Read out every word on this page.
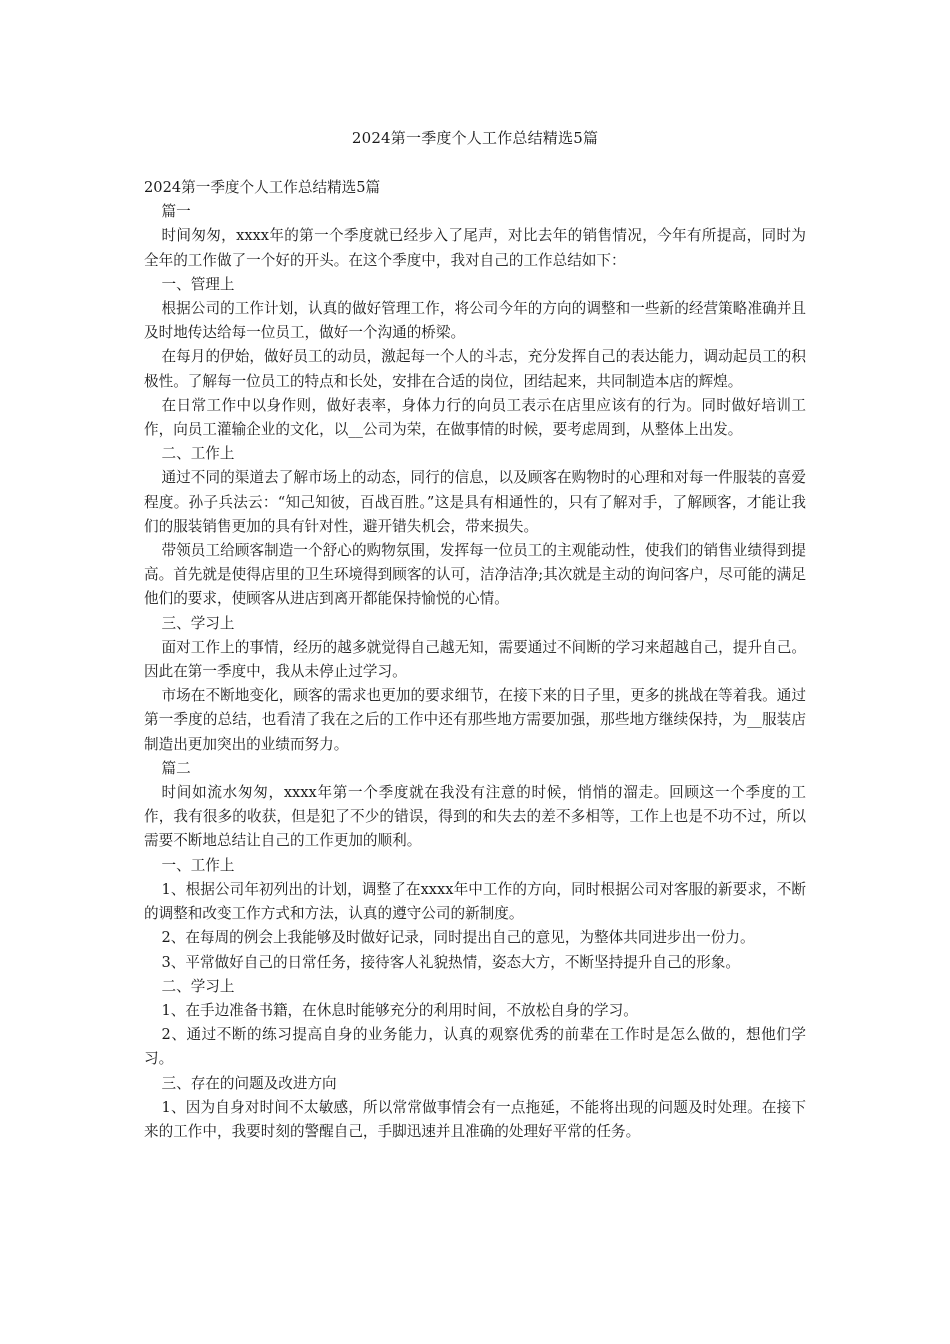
2024第一季度个人工作总结精选5篇

2024第一季度个人工作总结精选5篇

篇一

时间匆匆，xxxx年的第一个季度就已经步入了尾声，对比去年的销售情况，今年有所提高，同时为全年的工作做了一个好的开头。在这个季度中，我对自己的工作总结如下：

一、管理上

根据公司的工作计划，认真的做好管理工作，将公司今年的方向的调整和一些新的经营策略准确并且及时地传达给每一位员工，做好一个沟通的桥梁。

在每月的伊始，做好员工的动员，激起每一个人的斗志，充分发挥自己的表达能力，调动起员工的积极性。了解每一位员工的特点和长处，安排在合适的岗位，团结起来，共同制造本店的辉煌。

在日常工作中以身作则，做好表率，身体力行的向员工表示在店里应该有的行为。同时做好培训工作，向员工灌输企业的文化，以__公司为荣，在做事情的时候，要考虑周到，从整体上出发。

二、工作上

通过不同的渠道去了解市场上的动态，同行的信息，以及顾客在购物时的心理和对每一件服装的喜爱程度。孙子兵法云：“知己知彼，百战百胜。”这是具有相通性的，只有了解对手，了解顾客，才能让我们的服装销售更加的具有针对性，避开错失机会，带来损失。

带领员工给顾客制造一个舒心的购物氛围，发挥每一位员工的主观能动性，使我们的销售业绩得到提高。首先就是使得店里的卫生环境得到顾客的认可，洁净洁净;其次就是主动的询问客户，尽可能的满足他们的要求，使顾客从进店到离开都能保持愉悦的心情。

三、学习上

面对工作上的事情，经历的越多就觉得自己越无知，需要通过不间断的学习来超越自己，提升自己。因此在第一季度中，我从未停止过学习。

市场在不断地变化，顾客的需求也更加的要求细节，在接下来的日子里，更多的挑战在等着我。通过第一季度的总结，也看清了我在之后的工作中还有那些地方需要加强，那些地方继续保持，为__服装店制造出更加突出的业绩而努力。

篇二

时间如流水匆匆，xxxx年第一个季度就在我没有注意的时候，悄悄的溜走。回顾这一个季度的工作，我有很多的收获，但是犯了不少的错误，得到的和失去的差不多相等，工作上也是不功不过，所以需要不断地总结让自己的工作更加的顺利。

一、工作上

1、根据公司年初列出的计划，调整了在xxxx年中工作的方向，同时根据公司对客服的新要求，不断的调整和改变工作方式和方法，认真的遵守公司的新制度。

2、在每周的例会上我能够及时做好记录，同时提出自己的意见，为整体共同进步出一份力。

3、平常做好自己的日常任务，接待客人礼貌热情，姿态大方，不断坚持提升自己的形象。

二、学习上

1、在手边准备书籍，在休息时能够充分的利用时间，不放松自身的学习。

2、通过不断的练习提高自身的业务能力，认真的观察优秀的前辈在工作时是怎么做的，想他们学习。

三、存在的问题及改进方向

1、因为自身对时间不太敏感，所以常常做事情会有一点拖延，不能将出现的问题及时处理。在接下来的工作中，我要时刻的警醒自己，手脚迅速并且准确的处理好平常的任务。
